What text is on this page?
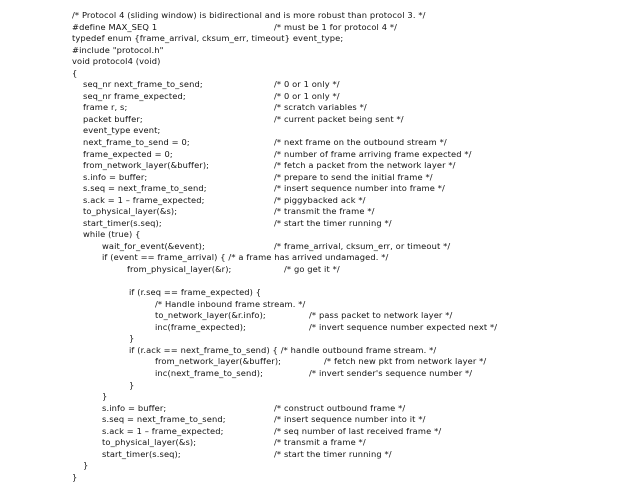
/* Protocol 4 (sliding window) is bidirectional and is more robust than protocol 3. */
#define MAX_SEQ 1	/* must be 1 for protocol 4 */
typedef enum {frame_arrival, cksum_err, timeout} event_type;
#include "protocol.h"
void protocol4 (void)
{
seq_nr next_frame_to_send;	/* 0 or 1 only */
seq_nr frame_expected;	/* 0 or 1 only */
frame r, s;	/* scratch variables */
packet buffer;	/* current packet being sent */
event_type event;
next_frame_to_send = 0;	/* next frame on the outbound stream */
frame_expected = 0;	/* number of frame arriving frame expected */
from_network_layer(&buffer);	/* fetch a packet from the network layer */
s.info = buffer;	/* prepare to send the initial frame */
s.seq = next_frame_to_send;	/* insert sequence number into frame */
s.ack = 1 – frame_expected;	/* piggybacked ack */
to_physical_layer(&s);	/* transmit the frame */
start_timer(s.seq);	/* start the timer running */
while (true) {
wait_for_event(&event);	/* frame_arrival, cksum_err, or timeout */
if (event == frame_arrival) { /* a frame has arrived undamaged. */
from_physical_layer(&r);	/* go get it */
if (r.seq == frame_expected) {
/* Handle inbound frame stream. */
to_network_layer(&r.info);	/* pass packet to network layer */
inc(frame_expected);	/* invert sequence number expected next */
}
if (r.ack == next_frame_to_send) { /* handle outbound frame stream. */
from_network_layer(&buffer);	/* fetch new pkt from network layer */
inc(next_frame_to_send);	/* invert sender's sequence number */
}
}
s.info = buffer;	/* construct outbound frame */
s.seq = next_frame_to_send;	/* insert sequence number into it */
s.ack = 1 – frame_expected;	/* seq number of last received frame */
to_physical_layer(&s);	/* transmit a frame */
start_timer(s.seq);	/* start the timer running */
}
}
